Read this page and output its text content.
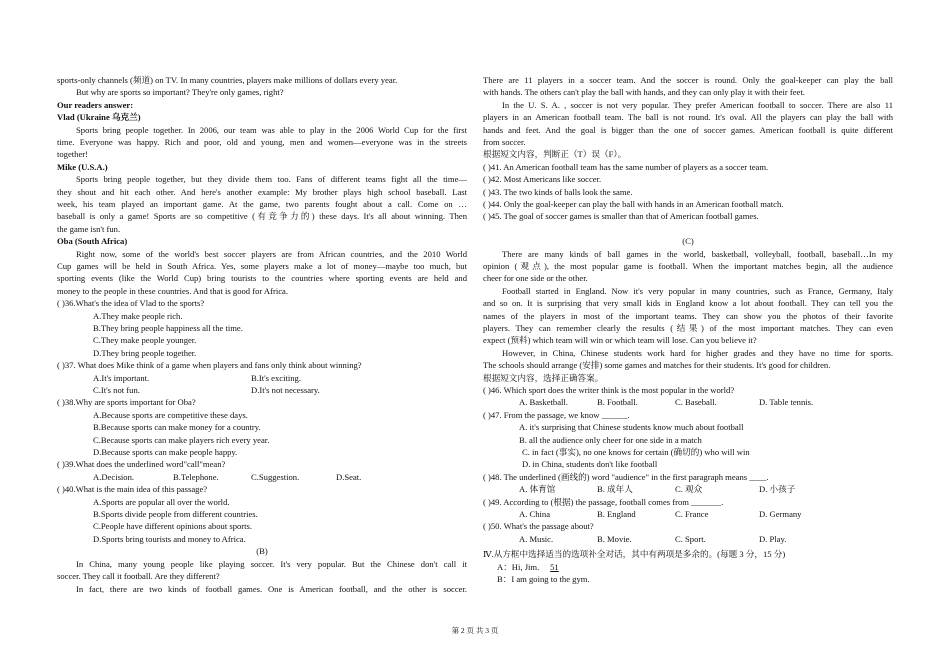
sports-only channels (频道) on TV. In many countries, players make millions of dollars every year.

But why are sports so important? They're only games, right?

Our readers answer:

Vlad (Ukraine 乌克兰)

Sports bring people together. In 2006, our team was able to play in the 2006 World Cup for the first

time. Everyone was happy. Rich and poor, old and young, men and women—everyone was in the streets

together!

Mike (U.S.A.)

Sports bring people together, but they divide them too. Fans of different teams fight all the time—

they shout and hit each other. And here's another example: My brother plays high school baseball. Last

week, his team played an important game. At the game, two parents fought about a call. Come on …

baseball is only a game! Sports are so competitive (有竞争力的) these days. It's all about winning. Then

the game isn't fun.

Oba (South Africa)

Right now, some of the world's best soccer players are from African countries, and the 2010 World

Cup games will be held in South Africa. Yes, some players make a lot of money—maybe too much, but

sporting events (like the World Cup) bring tourists to the countries where sporting events are held and

money to the people in these countries. And that is good for Africa.

( )36.What's the idea of Vlad to the sports?

A.They make people rich.

B.They bring people happiness all the time.

C.They make people younger.

D.They bring people together.

( )37. What does Mike think of a game when players and fans only think about winning?

A.It's important.	B.It's exciting.
C.It's not fun.	D.It's not necessary.

( )38.Why are sports important for Oba?

A.Because sports are competitive these days.

B.Because sports can make money for a country.

C.Because sports can make players rich every year.

D.Because sports can make people happy.

( )39.What does the underlined word"call"mean?

A.Decision.	B.Telephone.	C.Suggestion.	D.Seat.

( )40.What is the main idea of this passage?

A.Sports are popular all over the world.

B.Sports divide people from different countries.

C.People have different opinions about sports.

D.Sports bring tourists and money to Africa.

(B)

In China, many young people like playing soccer. It's very popular. But the Chinese don't call it

soccer. They call it football. Are they different?

In fact, there are two kinds of football games. One is American football, and the other is soccer.

There are 11 players in a soccer team. And the soccer is round. Only the goal-keeper can play the ball

with hands. The others can't play the ball with hands, and they can only play it with their feet.

In the U. S. A. , soccer is not very popular. They prefer American football to soccer. There are also 11

players in an American football team. The ball is not round. It's oval. All the players can play the ball with

hands and feet. And the goal is bigger than the one of soccer games. American football is quite different

from soccer.

根据短文内容，判断正（T）误（F）。

( )41. An American football team has the same number of players as a soccer team.

( )42. Most Americans like soccer.

( )43. The two kinds of balls look the same.

( )44. Only the goal-keeper can play the ball with hands in an American football match.

( )45. The goal of soccer games is smaller than that of American football games.

(C)

There are many kinds of ball games in the world, basketball, volleyball, football, baseball…In my

opinion (观点), the most popular game is football. When the important matches begin, all the audience

cheer for one side or the other.

Football started in England. Now it's very popular in many countries, such as France, Germany, Italy

and so on. It is surprising that very small kids in England know a lot about football. They can tell you the

names of the players in most of the important teams. They can show you the photos of their favorite

players. They can remember clearly the results (结果) of the most important matches. They can even

expect (预料) which team will win or which team will lose. Can you believe it?

However, in China, Chinese students work hard for higher grades and they have no time for sports.

The schools should arrange (安排) some games and matches for their students. It's good for children.

根据短文内容，选择正确答案。

( )46. Which sport does the writer think is the most popular in the world?

A. Basketball.	B. Football.	C. Baseball.	D. Table tennis.

( )47. From the passage, we know ______.

A. it's surprising that Chinese students know much about football

B. all the audience only cheer for one side in a match

C. in fact (事实), no one knows for certain (确切的) who will win

D. in China, students don't like football

( )48. The underlined (画线的) word "audience" in the first paragraph means ____.

A. 体育馆	B. 成年人	C. 观众	D. 小孩子

( )49. According to (根据) the passage, football comes from _______.

A. China	B. England	C. France	D. Germany

( )50. What's the passage about?

A. Music.	B. Movie.	C. Sport.	D. Play.

Ⅳ.从方框中选择适当的选项补全对话，其中有两项是多余的。(每题 3 分，15 分)

A：Hi, Jim. 51

B：I am going to the gym.

第 2 页 共 3 页
